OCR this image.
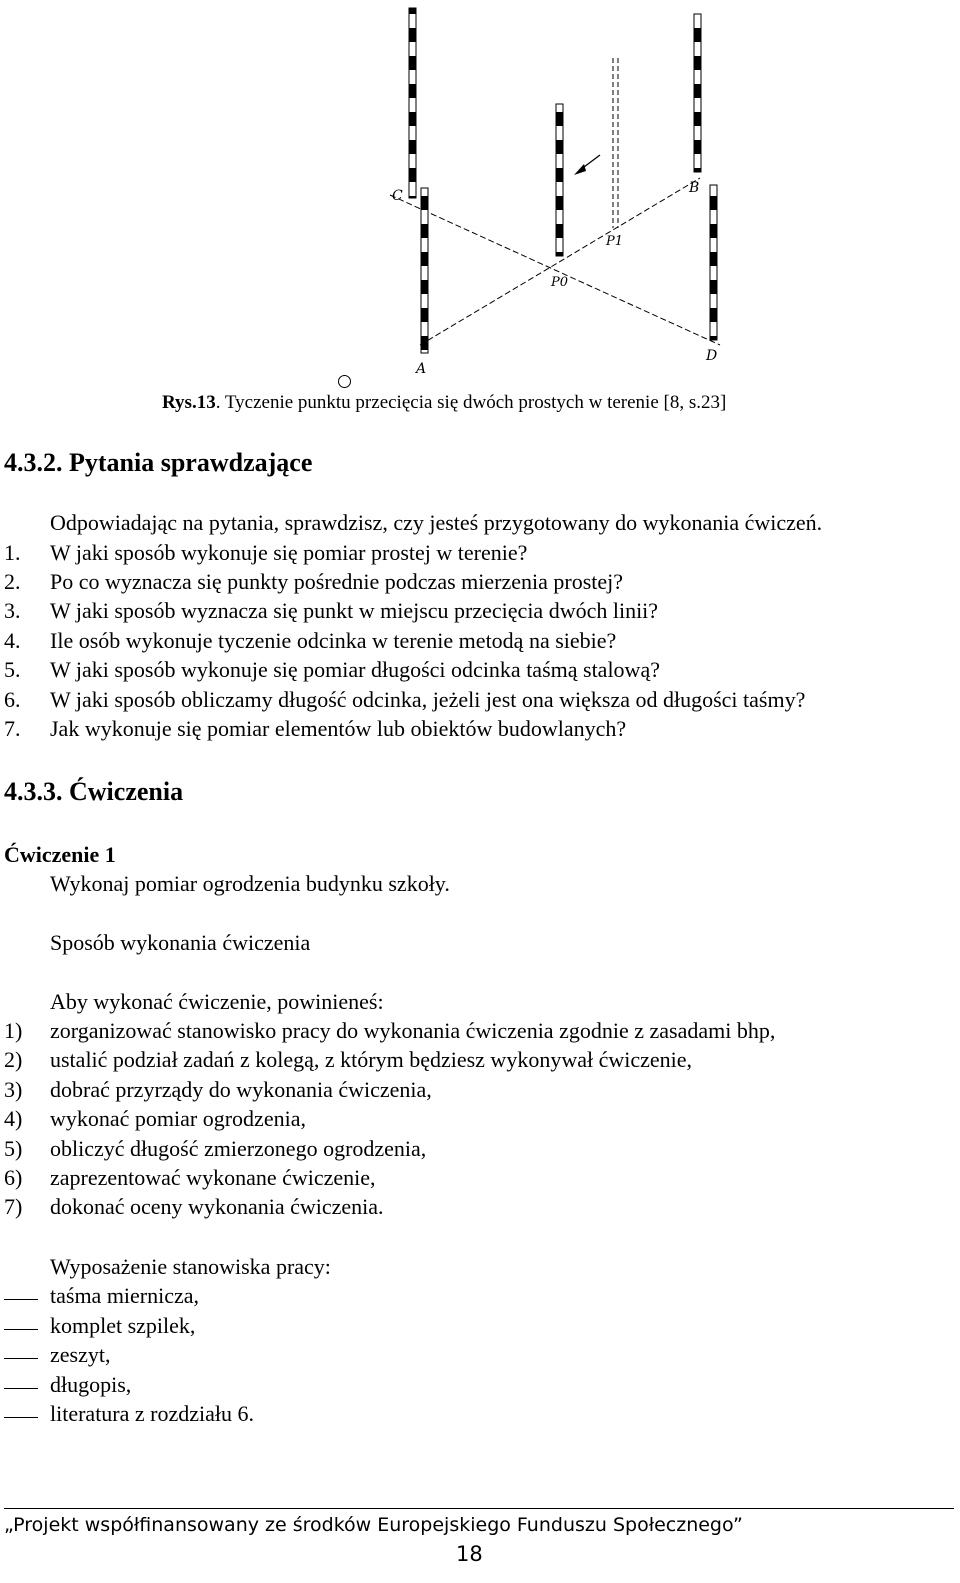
C	B
P1
P0
A
D
Rys.13. Tyczenie punktu przecięcia się dwóch prostych w terenie [8, s.23]
4.3.2. Pytania sprawdzające
Odpowiadając na pytania, sprawdzisz, czy jesteś przygotowany do wykonania ćwiczeń.
1. W jaki sposób wykonuje się pomiar prostej w terenie?
2. Po co wyznacza się punkty pośrednie podczas mierzenia prostej?
3. W jaki sposób wyznacza się punkt w miejscu przecięcia dwóch linii?
4. Ile osób wykonuje tyczenie odcinka w terenie metodą na siebie?
5. W jaki sposób wykonuje się pomiar długości odcinka taśmą stalową?
6. W jaki sposób obliczamy długość odcinka, jeżeli jest ona większa od długości taśmy?
7. Jak wykonuje się pomiar elementów lub obiektów budowlanych?
4.3.3. Ćwiczenia
Ćwiczenie 1
Wykonaj pomiar ogrodzenia budynku szkoły.
Sposób wykonania ćwiczenia
Aby wykonać ćwiczenie, powinieneś:
1) zorganizować stanowisko pracy do wykonania ćwiczenia zgodnie z zasadami bhp,
2) ustalić podział zadań z kolegą, z którym będziesz wykonywał ćwiczenie,
3) dobrać przyrządy do wykonania ćwiczenia,
4) wykonać pomiar ogrodzenia,
5) obliczyć długość zmierzonego ogrodzenia,
6) zaprezentować wykonane ćwiczenie,
7) dokonać oceny wykonania ćwiczenia.
Wyposażenie stanowiska pracy:
taśma miernicza,
komplet szpilek,
zeszyt,
długopis,
literatura z rozdziału 6.
„Projekt współfinansowany ze środków Europejskiego Funduszu Społecznego”
18
